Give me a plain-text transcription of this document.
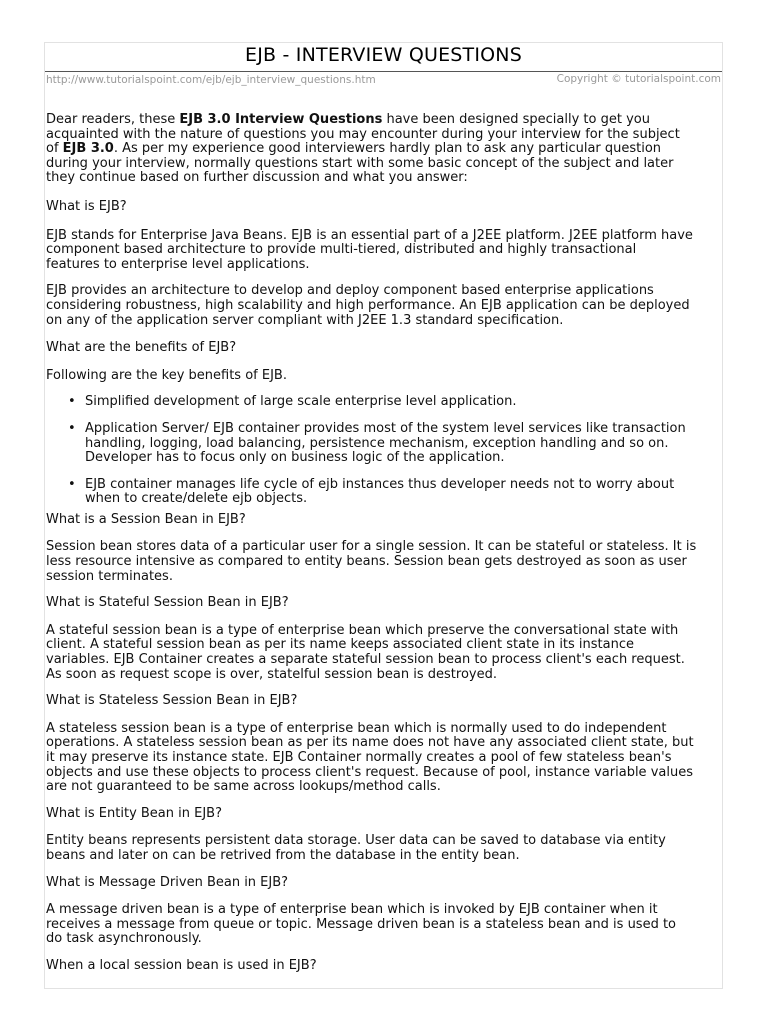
EJB - INTERVIEW QUESTIONS
http://www.tutorialspoint.com/ejb/ejb_interview_questions.htm	Copyright © tutorialspoint.com

Dear readers, these EJB 3.0 Interview Questions have been designed specially to get you
acquainted with the nature of questions you may encounter during your interview for the subject
of EJB 3.0. As per my experience good interviewers hardly plan to ask any particular question
during your interview, normally questions start with some basic concept of the subject and later
they continue based on further discussion and what you answer:

What is EJB?

EJB stands for Enterprise Java Beans. EJB is an essential part of a J2EE platform. J2EE platform have
component based architecture to provide multi-tiered, distributed and highly transactional
features to enterprise level applications.

EJB provides an architecture to develop and deploy component based enterprise applications
considering robustness, high scalability and high performance. An EJB application can be deployed
on any of the application server compliant with J2EE 1.3 standard specification.

What are the benefits of EJB?

Following are the key benefits of EJB.

• Simplified development of large scale enterprise level application.
• Application Server/ EJB container provides most of the system level services like transaction
handling, logging, load balancing, persistence mechanism, exception handling and so on.
Developer has to focus only on business logic of the application.
• EJB container manages life cycle of ejb instances thus developer needs not to worry about
when to create/delete ejb objects.

What is a Session Bean in EJB?

Session bean stores data of a particular user for a single session. It can be stateful or stateless. It is
less resource intensive as compared to entity beans. Session bean gets destroyed as soon as user
session terminates.

What is Stateful Session Bean in EJB?

A stateful session bean is a type of enterprise bean which preserve the conversational state with
client. A stateful session bean as per its name keeps associated client state in its instance
variables. EJB Container creates a separate stateful session bean to process client's each request.
As soon as request scope is over, statelful session bean is destroyed.

What is Stateless Session Bean in EJB?

A stateless session bean is a type of enterprise bean which is normally used to do independent
operations. A stateless session bean as per its name does not have any associated client state, but
it may preserve its instance state. EJB Container normally creates a pool of few stateless bean's
objects and use these objects to process client's request. Because of pool, instance variable values
are not guaranteed to be same across lookups/method calls.

What is Entity Bean in EJB?

Entity beans represents persistent data storage. User data can be saved to database via entity
beans and later on can be retrived from the database in the entity bean.

What is Message Driven Bean in EJB?

A message driven bean is a type of enterprise bean which is invoked by EJB container when it
receives a message from queue or topic. Message driven bean is a stateless bean and is used to
do task asynchronously.

When a local session bean is used in EJB?
